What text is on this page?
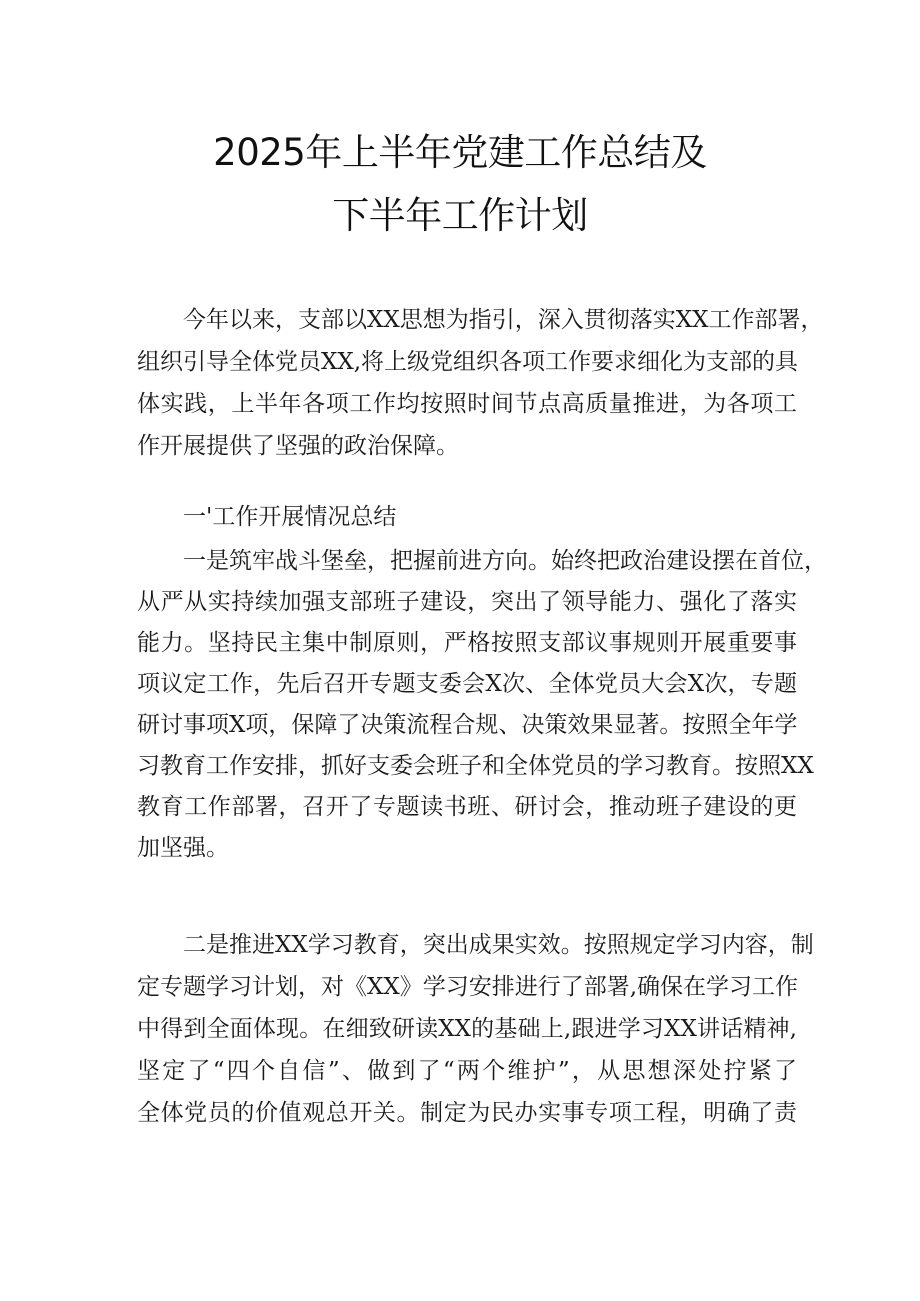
2025年上半年党建工作总结及
下半年工作计划
今年以来，支部以XX思想为指引，深入贯彻落实XX工作部署，
组织引导全体党员XX,将上级党组织各项工作要求细化为支部的具
体实践，上半年各项工作均按照时间节点高质量推进，为各项工
作开展提供了坚强的政治保障。
一'工作开展情况总结
一是筑牢战斗堡垒，把握前进方向。始终把政治建设摆在首位，
从严从实持续加强支部班子建设，突出了领导能力、强化了落实
能力。坚持民主集中制原则，严格按照支部议事规则开展重要事
项议定工作，先后召开专题支委会X次、全体党员大会X次，专题
研讨事项X项，保障了决策流程合规、决策效果显著。按照全年学
习教育工作安排，抓好支委会班子和全体党员的学习教育。按照XX
教育工作部署，召开了专题读书班、研讨会，推动班子建设的更
加坚强。
二是推进XX学习教育，突出成果实效。按照规定学习内容，制
定专题学习计划，对《XX》学习安排进行了部署,确保在学习工作
中得到全面体现。在细致研读XX的基础上,跟进学习XX讲话精神,
坚定了“四个自信”、做到了“两个维护”，从思想深处拧紧了
全体党员的价值观总开关。制定为民办实事专项工程，明确了责
